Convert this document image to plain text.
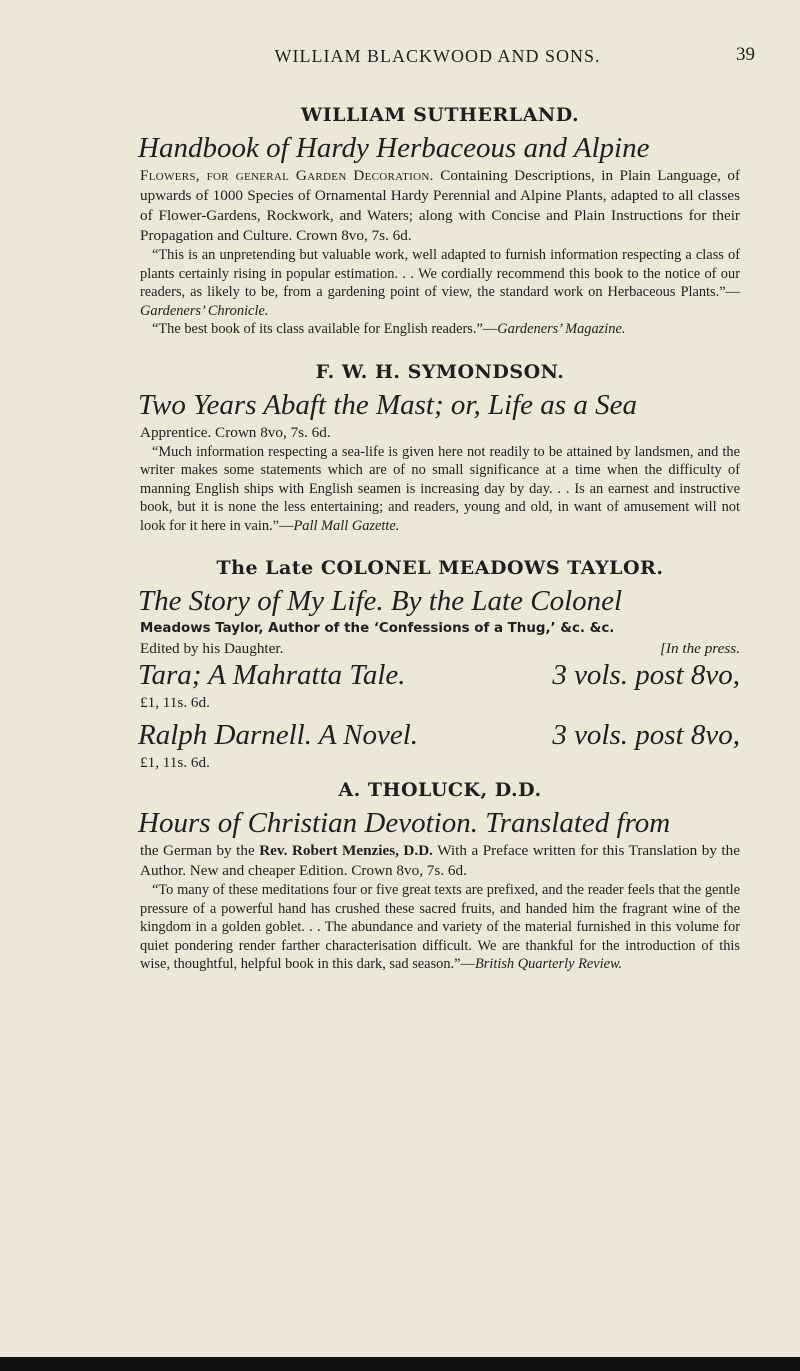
WILLIAM BLACKWOOD AND SONS.	39
WILLIAM SUTHERLAND.
Handbook of Hardy Herbaceous and Alpine

Flowers, for general Garden Decoration. Containing Descriptions, in Plain Language, of upwards of 1000 Species of Ornamental Hardy Perennial and Alpine Plants, adapted to all classes of Flower-Gardens, Rockwork, and Waters; along with Concise and Plain Instructions for their Propagation and Culture. Crown 8vo, 7s. 6d.

“This is an unpretending but valuable work, well adapted to furnish information respecting a class of plants certainly rising in popular estimation. . . We cordially recommend this book to the notice of our readers, as likely to be, from a gardening point of view, the standard work on Herbaceous Plants.”—Gardeners’ Chronicle.

“The best book of its class available for English readers.”—Gardeners’ Magazine.

F. W. H. SYMONDSON.
Two Years Abaft the Mast; or, Life as a Sea

Apprentice. Crown 8vo, 7s. 6d.

“Much information respecting a sea-life is given here not readily to be attained by landsmen, and the writer makes some statements which are of no small significance at a time when the difficulty of manning English ships with English seamen is increasing day by day. . . Is an earnest and instructive book, but it is none the less entertaining; and readers, young and old, in want of amusement will not look for it here in vain.”—Pall Mall Gazette.

The Late COLONEL MEADOWS TAYLOR.
The Story of My Life. By the Late Colonel
Meadows Taylor, Author of the ‘Confessions of a Thug,’ &c. &c.
Edited by his Daughter.	[In the press.
Tara; A Mahratta Tale.	3 vols. post 8vo,
£1, 11s. 6d.
Ralph Darnell. A Novel.	3 vols. post 8vo,
£1, 11s. 6d.
A. THOLUCK, D.D.
Hours of Christian Devotion. Translated from

the German by the Rev. Robert Menzies, D.D. With a Preface written for this Translation by the Author. New and cheaper Edition. Crown 8vo, 7s. 6d.

“To many of these meditations four or five great texts are prefixed, and the reader feels that the gentle pressure of a powerful hand has crushed these sacred fruits, and handed him the fragrant wine of the kingdom in a golden goblet. . . The abundance and variety of the material furnished in this volume for quiet pondering render farther characterisation difficult. We are thankful for the introduction of this wise, thoughtful, helpful book in this dark, sad season.”—British Quarterly Review.
